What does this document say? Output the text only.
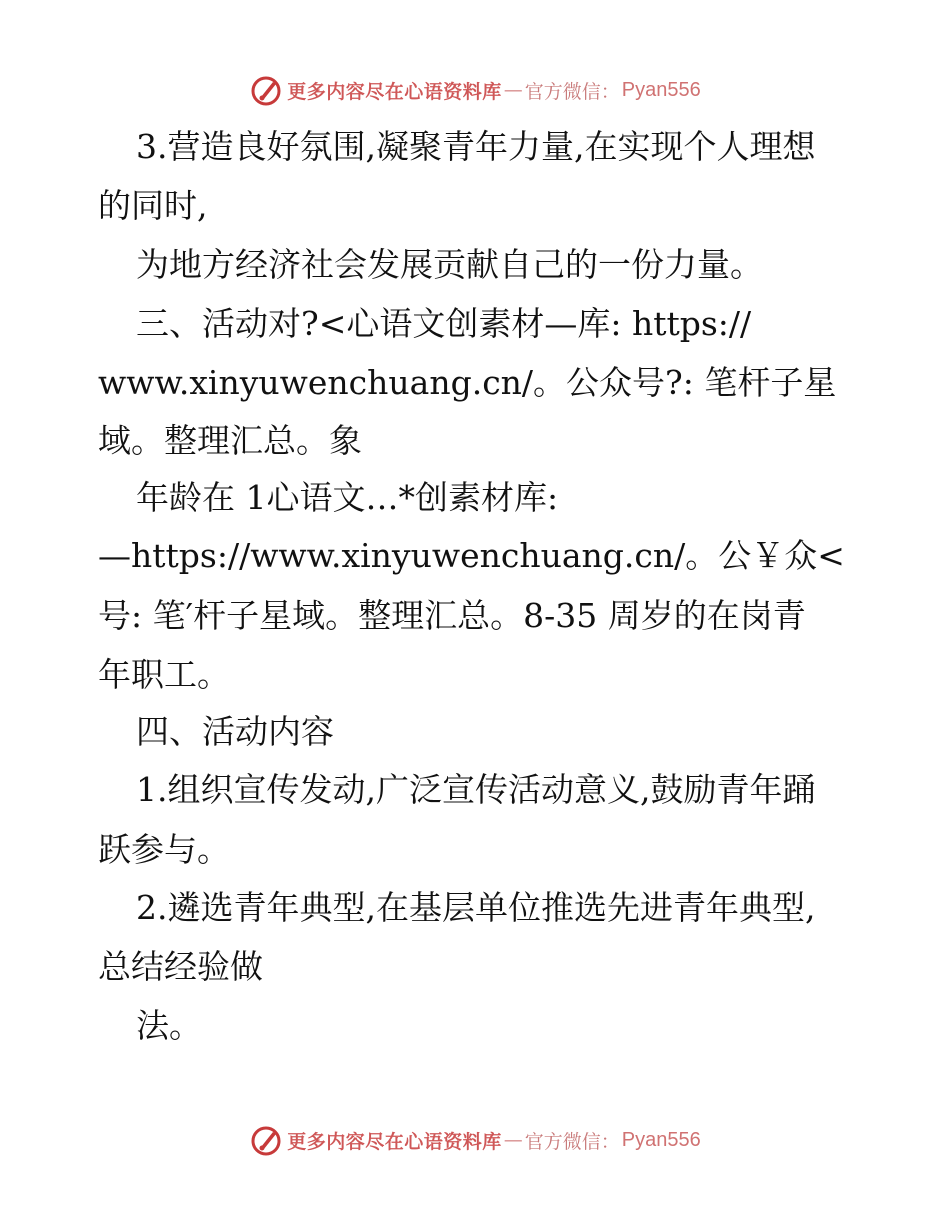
更多内容尽在心语资料库 — 官方微信： Pyan556
3.营造良好氛围,凝聚青年力量,在实现个人理想
的同时,
为地方经济社会发展贡献自己的一份力量。
三、活动对?<心语文创素材—库: https://
www.xinyuwenchuang.cn/。公众号?: 笔杆子星
域。整理汇总。象
年龄在 1心语文…*创素材库:
—https://www.xinyuwenchuang.cn/。公￥众<
号: 笔′杆子星域。整理汇总。8-35 周岁的在岗青
年职工。
四、活动内容
1.组织宣传发动,广泛宣传活动意义,鼓励青年踊
跃参与。
2.遴选青年典型,在基层单位推选先进青年典型,
总结经验做
法。
更多内容尽在心语资料库 — 官方微信： Pyan556
